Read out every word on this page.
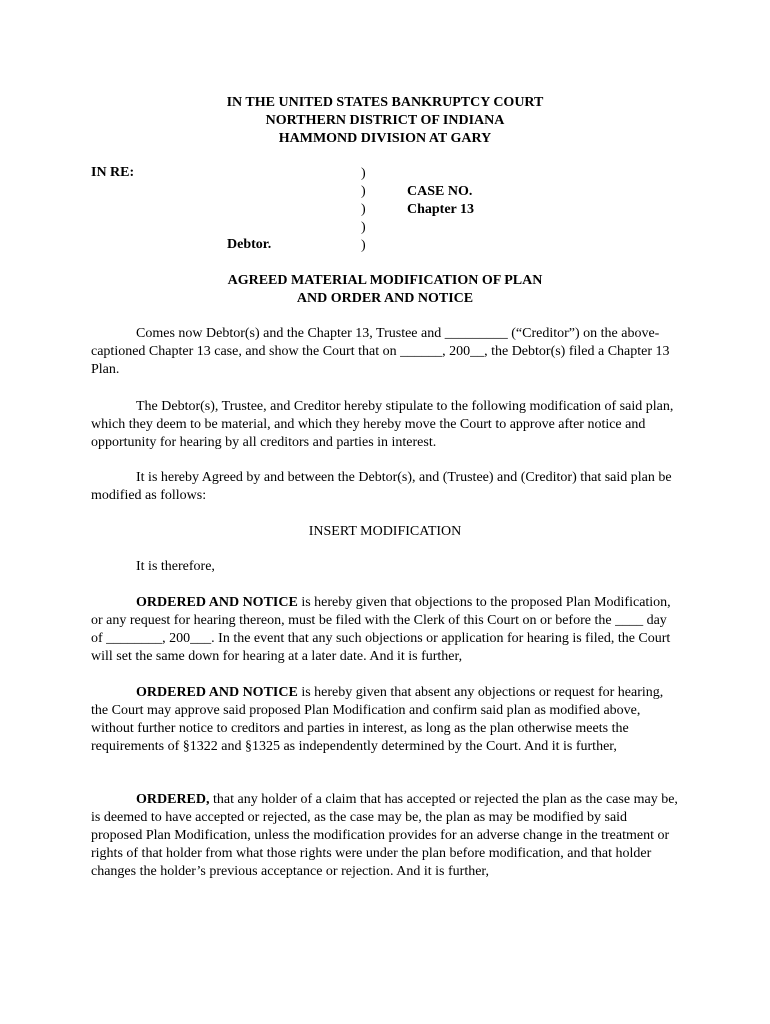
IN THE UNITED STATES BANKRUPTCY COURT
NORTHERN DISTRICT OF INDIANA
HAMMOND DIVISION AT GARY
IN RE:
Debtor.
)
)
)
)
)
CASE NO.
Chapter 13
AGREED MATERIAL MODIFICATION OF PLAN
AND ORDER AND NOTICE

Comes now Debtor(s) and the Chapter 13, Trustee and _________ (“Creditor”) on the above-captioned Chapter 13 case, and show the Court that on ______, 200__, the Debtor(s) filed a Chapter 13 Plan.

The Debtor(s), Trustee, and Creditor hereby stipulate to the following modification of said plan, which they deem to be material, and which they hereby move the Court to approve after notice and opportunity for hearing by all creditors and parties in interest.

It is hereby Agreed by and between the Debtor(s), and (Trustee) and (Creditor) that said plan be modified as follows:

INSERT MODIFICATION

It is therefore,

ORDERED AND NOTICE is hereby given that objections to the proposed Plan Modification, or any request for hearing thereon, must be filed with the Clerk of this Court on or before the ____ day of ________, 200___. In the event that any such objections or application for hearing is filed, the Court will set the same down for hearing at a later date. And it is further,

ORDERED AND NOTICE is hereby given that absent any objections or request for hearing, the Court may approve said proposed Plan Modification and confirm said plan as modified above, without further notice to creditors and parties in interest, as long as the plan otherwise meets the requirements of §1322 and §1325 as independently determined by the Court. And it is further,

ORDERED, that any holder of a claim that has accepted or rejected the plan as the case may be, is deemed to have accepted or rejected, as the case may be, the plan as may be modified by said proposed Plan Modification, unless the modification provides for an adverse change in the treatment or rights of that holder from what those rights were under the plan before modification, and that holder changes the holder’s previous acceptance or rejection. And it is further,
